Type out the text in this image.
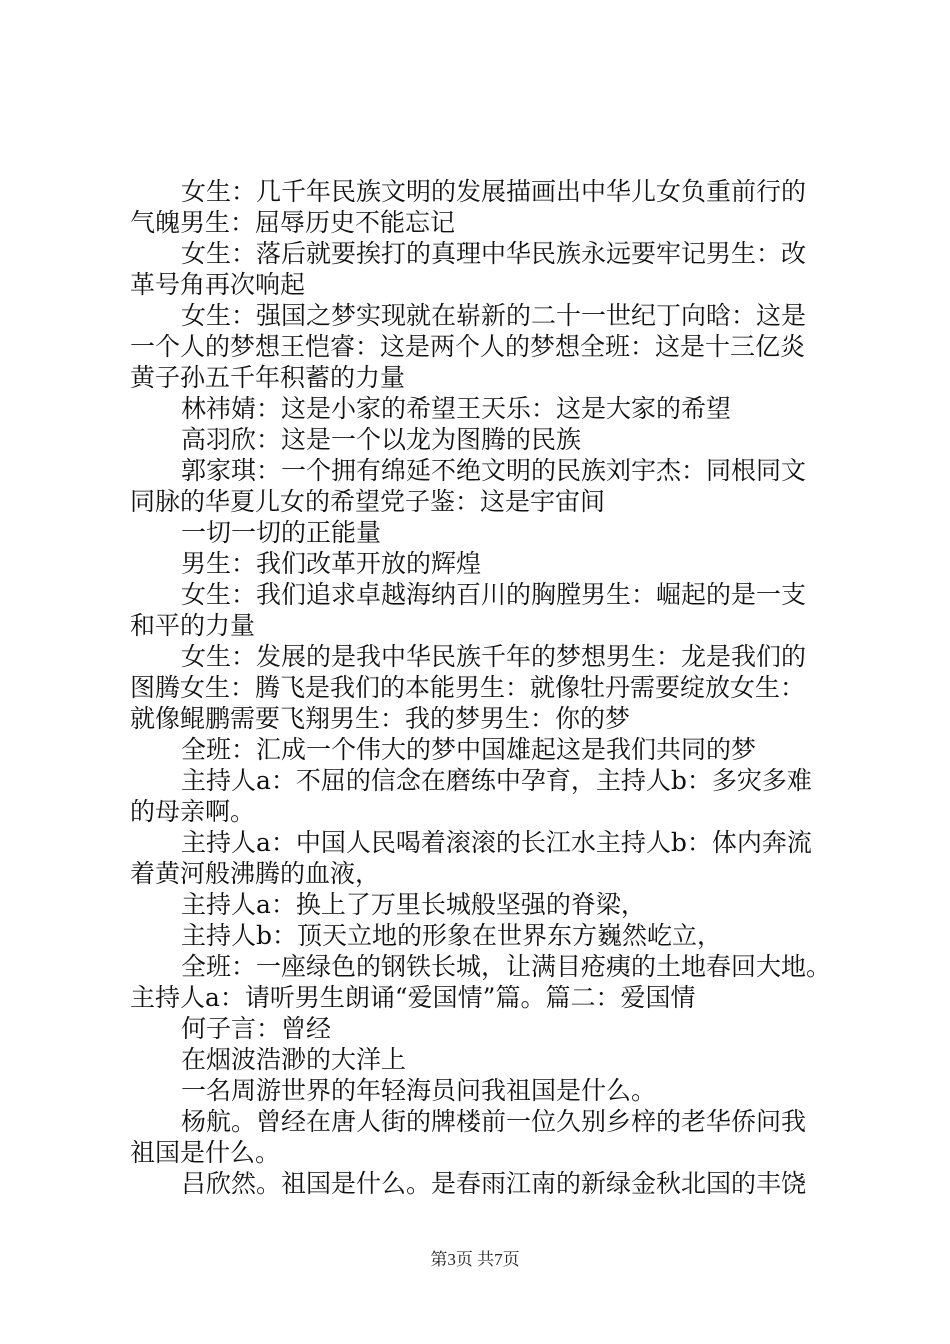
女生：几千年民族文明的发展描画出中华儿女负重前行的
气魄男生：屈辱历史不能忘记
女生：落后就要挨打的真理中华民族永远要牢记男生：改
革号角再次响起
女生：强国之梦实现就在崭新的二十一世纪丁向晗：这是
一个人的梦想王恺睿：这是两个人的梦想全班：这是十三亿炎
黄子孙五千年积蓄的力量
林祎婧：这是小家的希望王天乐：这是大家的希望
高羽欣：这是一个以龙为图腾的民族
郭家琪：一个拥有绵延不绝文明的民族刘宇杰：同根同文
同脉的华夏儿女的希望党子鉴：这是宇宙间
一切一切的正能量
男生：我们改革开放的辉煌
女生：我们追求卓越海纳百川的胸膛男生：崛起的是一支
和平的力量
女生：发展的是我中华民族千年的梦想男生：龙是我们的
图腾女生：腾飞是我们的本能男生：就像牡丹需要绽放女生：
就像鲲鹏需要飞翔男生：我的梦男生：你的梦
全班：汇成一个伟大的梦中国雄起这是我们共同的梦
主持人a：不屈的信念在磨练中孕育，主持人b：多灾多难
的母亲啊。
主持人a：中国人民喝着滚滚的长江水主持人b：体内奔流
着黄河般沸腾的血液，
主持人a：换上了万里长城般坚强的脊梁，
主持人b：顶天立地的形象在世界东方巍然屹立，
全班：一座绿色的钢铁长城，让满目疮痍的土地春回大地。
主持人a：请听男生朗诵“爱国情”篇。篇二：爱国情
何子言：曾经
在烟波浩渺的大洋上
一名周游世界的年轻海员问我祖国是什么。
杨航。曾经在唐人街的牌楼前一位久别乡梓的老华侨问我
祖国是什么。
吕欣然。祖国是什么。是春雨江南的新绿金秋北国的丰饶
第3页 共7页
